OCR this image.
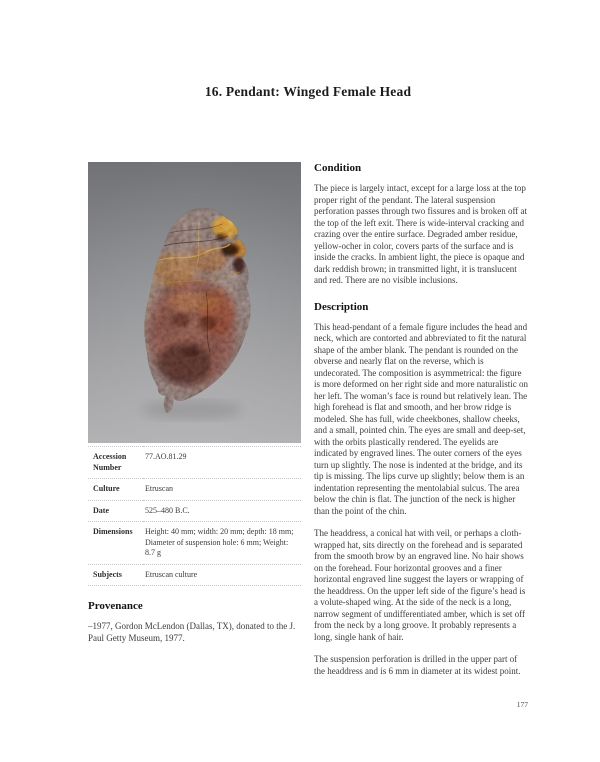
16. Pendant: Winged Female Head
Accession Number	77.AO.81.29
Culture	Etruscan
Date	525–480 B.C.
Dimensions	Height: 40 mm; width: 20 mm; depth: 18 mm; Diameter of suspension hole: 6 mm; Weight: 8.7 g
Subjects	Etruscan culture
Provenance

–1977, Gordon McLendon (Dallas, TX), donated to the J. Paul Getty Museum, 1977.

Condition

The piece is largely intact, except for a large loss at the top proper right of the pendant. The lateral suspension perforation passes through two fissures and is broken off at the top of the left exit. There is wide-interval cracking and crazing over the entire surface. Degraded amber residue, yellow-ocher in color, covers parts of the surface and is inside the cracks. In ambient light, the piece is opaque and dark reddish brown; in transmitted light, it is translucent and red. There are no visible inclusions.

Description

This head-pendant of a female figure includes the head and neck, which are contorted and abbreviated to fit the natural shape of the amber blank. The pendant is rounded on the obverse and nearly flat on the reverse, which is undecorated. The composition is asymmetrical: the figure is more deformed on her right side and more naturalistic on her left. The woman’s face is round but relatively lean. The high forehead is flat and smooth, and her brow ridge is modeled. She has full, wide cheekbones, shallow cheeks, and a small, pointed chin. The eyes are small and deep-set, with the orbits plastically rendered. The eyelids are indicated by engraved lines. The outer corners of the eyes turn up slightly. The nose is indented at the bridge, and its tip is missing. The lips curve up slightly; below them is an indentation representing the mentolabial sulcus. The area below the chin is flat. The junction of the neck is higher than the point of the chin.

The headdress, a conical hat with veil, or perhaps a cloth-wrapped hat, sits directly on the forehead and is separated from the smooth brow by an engraved line. No hair shows on the forehead. Four horizontal grooves and a finer horizontal engraved line suggest the layers or wrapping of the headdress. On the upper left side of the figure’s head is a volute-shaped wing. At the side of the neck is a long, narrow segment of undifferentiated amber, which is set off from the neck by a long groove. It probably represents a long, single hank of hair.

The suspension perforation is drilled in the upper part of the headdress and is 6 mm in diameter at its widest point.

177
